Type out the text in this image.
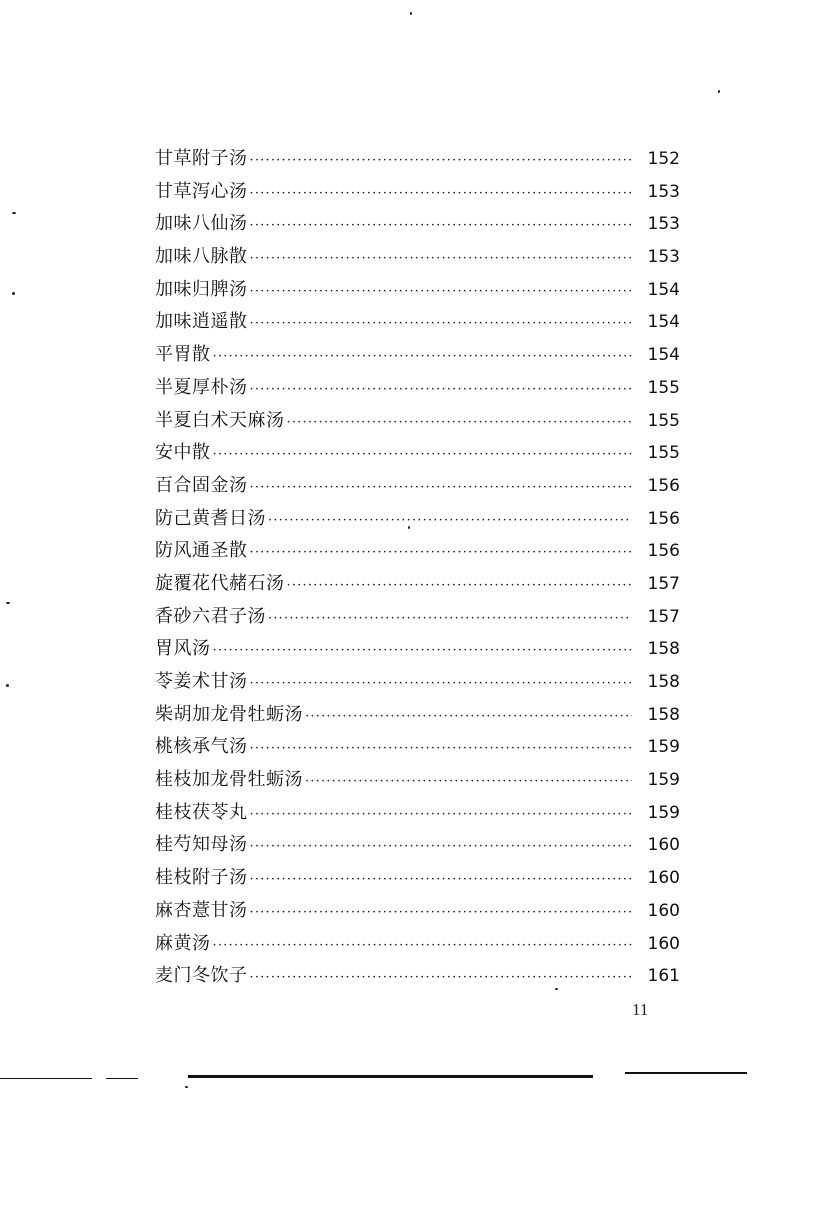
甘草附子汤 ·····	152
甘草泻心汤 ·····	153
加味八仙汤 ·····	153
加味八脉散 ·····	153
加味归脾汤 ·····	154
加味逍遥散 ·····	154
平胃散 ·····	154
半夏厚朴汤 ·····	155
半夏白术天麻汤 ·····	155
安中散 ·····	155
百合固金汤 ·····	156
防己黄耆日汤 ·····	156
防风通圣散 ·····	156
旋覆花代赭石汤 ·····	157
香砂六君子汤 ·····	157
胃风汤 ·····	158
苓姜术甘汤 ·····	158
柴胡加龙骨牡蛎汤 ·····	158
桃核承气汤 ·····	159
桂枝加龙骨牡蛎汤 ·····	159
桂枝茯苓丸 ·····	159
桂芍知母汤 ·····	160
桂枝附子汤 ·····	160
麻杏薏甘汤 ·····	160
麻黄汤 ·····	160
麦门冬饮子 ·····	161
11
